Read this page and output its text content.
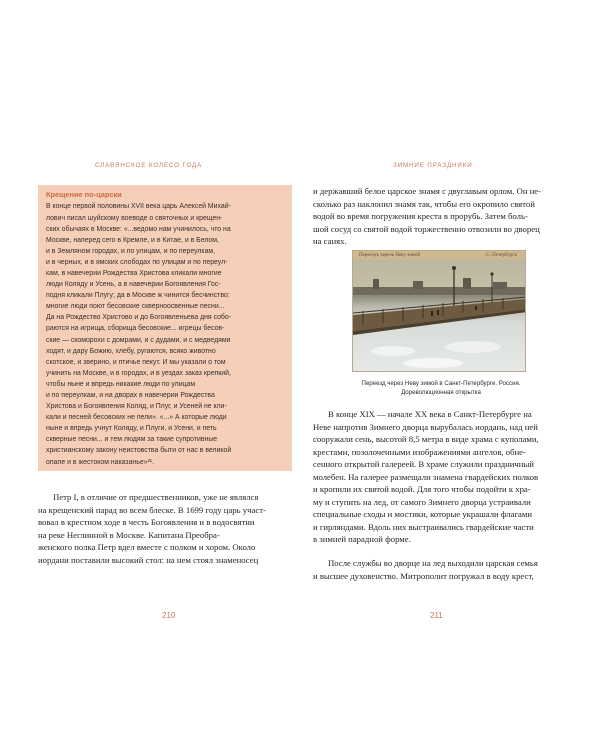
СЛАВЯНСКОЕ КОЛЕСО ГОДА
Крещение по-царски
В конце первой половины XVII века царь Алексей Михай-
лович писал шуйскому воеводе о святочных и крещен-
ских обычаях в Москве: «...ведомо нам учинилось, что на
Москве, наперед сего в Кремле, и в Китае, и в Белом,
и в Земляном городах, и по улицам, и по переулкам,
и в черных, и в ямских слободах по улицам и по переул-
кам, в навечерии Рождества Христова кликали многие
люди Коляду и Усень, а в навечерии Богоявления Гос-
подня кликали Плугу; да в Москве ж чинится бесчинство:
многие люди поют бесовские скверноосвенные песни...
Да на Рождество Христово и до Богоявленьева дня собо-
раются на игрища, сборища бесовские... игрецы бесов-
ские — скоморохи с домрами, и с дудами, и с медведями
ходят, и дару Божию, хлебу, ругаются, всяко животно
скотское, и зверино, и птичье пекут. И мы указали о том
учинить на Москве, и в городах, и в уездах заказ крепкий,
чтобы ныне и впредь никакие люди по улицам
и по переулкам, и на дворах в навечерии Рождества
Христова и Богоявления Коляд, и Плуг, и Усеней не кли-
кали и песней бесовских не пели». «...» А которые люди
ныне и впредь учнут Коляду, и Плуги, и Усени, и петь
скверные песни... и тем людям за такие супротивные
христианскому закону неистовства быти от нас в великой
опале и в жестоком наказанье»²¹.
Петр I, в отличие от предшественников, уже не являлся
на крещенский парад во всем блеске. В 1699 году царь участ-
вовал в крестном ходе в честь Богоявления и в водосвятии
на реке Неглинной в Москве. Капитана Преобра-
женского полка Петр вдел вместе с полком и хором. Около
иордани поставили высокий стол: на нем стоял знаменосец
210
ЗИМНИЕ ПРАЗДНИКИ
и державший белое царское знамя с двуглавым орлом. Он не-
сколько раз наклонил знамя так, чтобы его окропило святой
водой во время погружения креста в прорубь. Затем боль-
шой сосуд со святой водой торжественно отвозили во дворец
на санях.
Переездъ черезъ Неву зимой	С.-Петербургъ
Переезд через Неву зимой в Санкт-Петербурге. Россия.
Дореволюционная открытка
В конце XIX — начале XX века в Санкт-Петербурге на
Неве напротив Зимнего дворца вырубалась иордань, над ней
сооружали сень, высотой 8,5 метра в виде храма с куполами,
крестами, позолоченными изображениями ангелов, обне-
сенного открытой галереей. В храме служили праздничный
молебен. На галерее размещали знамена гвардейских полков
и кропили их святой водой. Для того чтобы подойти к хра-
му и ступить на лед, от самого Зимнего дворца устраивали
специальные сходы и мостики, которые украшали флагами
и гирляндами. Вдоль них выстраивались гвардейские части
в зимней парадной форме.
После службы во дворце на лед выходили царская семья
и высшее духовенство. Митрополит погружал в воду крест,
211
